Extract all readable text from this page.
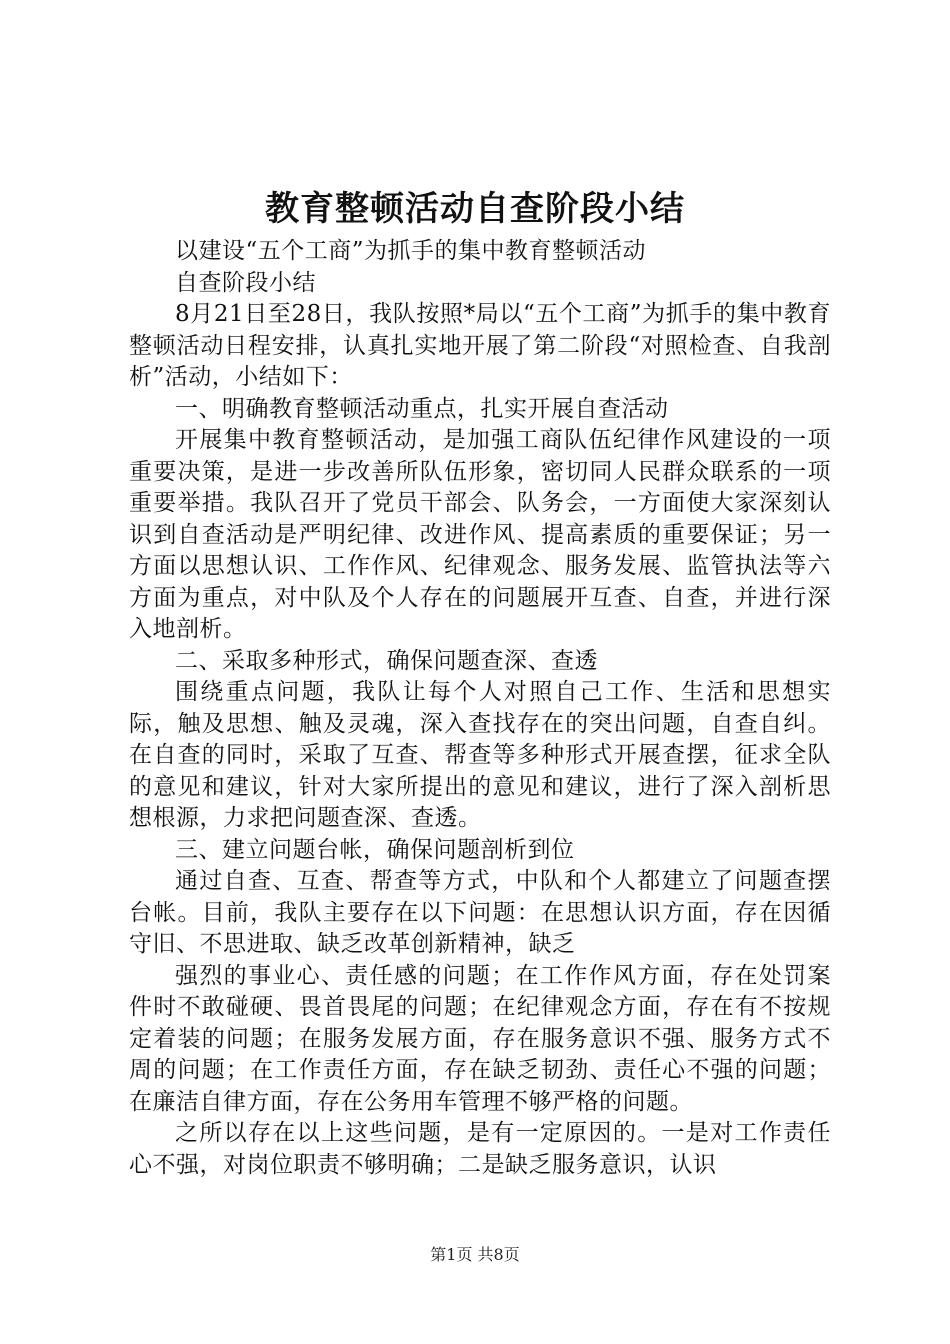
教育整顿活动自查阶段小结

以建设“五个工商”为抓手的集中教育整顿活动

自查阶段小结

8月21日至28日，我队按照*局以“五个工商”为抓手的集中教育整顿活动日程安排，认真扎实地开展了第二阶段“对照检查、自我剖析”活动，小结如下：

一、明确教育整顿活动重点，扎实开展自查活动

开展集中教育整顿活动，是加强工商队伍纪律作风建设的一项重要决策，是进一步改善所队伍形象，密切同人民群众联系的一项重要举措。我队召开了党员干部会、队务会，一方面使大家深刻认识到自查活动是严明纪律、改进作风、提高素质的重要保证；另一方面以思想认识、工作作风、纪律观念、服务发展、监管执法等六方面为重点，对中队及个人存在的问题展开互查、自查，并进行深入地剖析。

二、采取多种形式，确保问题查深、查透

围绕重点问题，我队让每个人对照自己工作、生活和思想实际，触及思想、触及灵魂，深入查找存在的突出问题，自查自纠。在自查的同时，采取了互查、帮查等多种形式开展查摆，征求全队的意见和建议，针对大家所提出的意见和建议，进行了深入剖析思想根源，力求把问题查深、查透。

三、建立问题台帐，确保问题剖析到位

通过自查、互查、帮查等方式，中队和个人都建立了问题查摆台帐。目前，我队主要存在以下问题：在思想认识方面，存在因循守旧、不思进取、缺乏改革创新精神，缺乏

强烈的事业心、责任感的问题；在工作作风方面，存在处罚案件时不敢碰硬、畏首畏尾的问题；在纪律观念方面，存在有不按规定着装的问题；在服务发展方面，存在服务意识不强、服务方式不周的问题；在工作责任方面，存在缺乏韧劲、责任心不强的问题；在廉洁自律方面，存在公务用车管理不够严格的问题。

之所以存在以上这些问题，是有一定原因的。一是对工作责任心不强，对岗位职责不够明确；二是缺乏服务意识，认识

第1页 共8页
